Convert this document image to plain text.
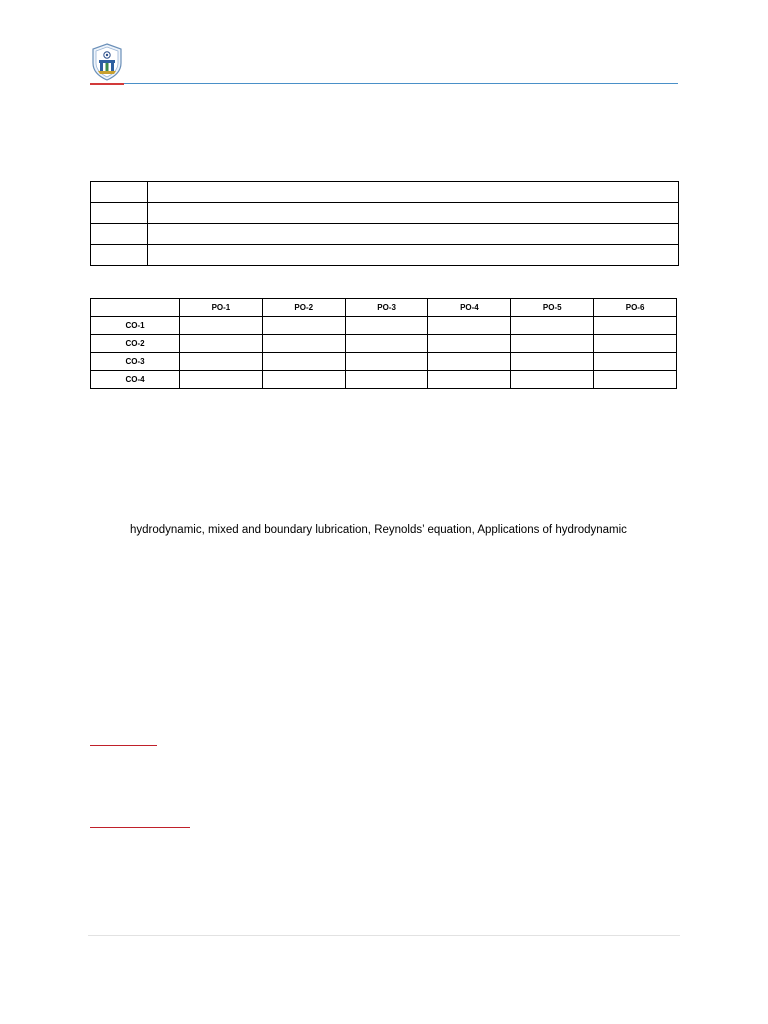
	PO-1	PO-2	PO-3	PO-4	PO-5	PO-6
CO-1						
CO-2						
CO-3						
CO-4						
hydrodynamic, mixed and boundary lubrication, Reynolds’ equation, Applications of hydrodynamic
